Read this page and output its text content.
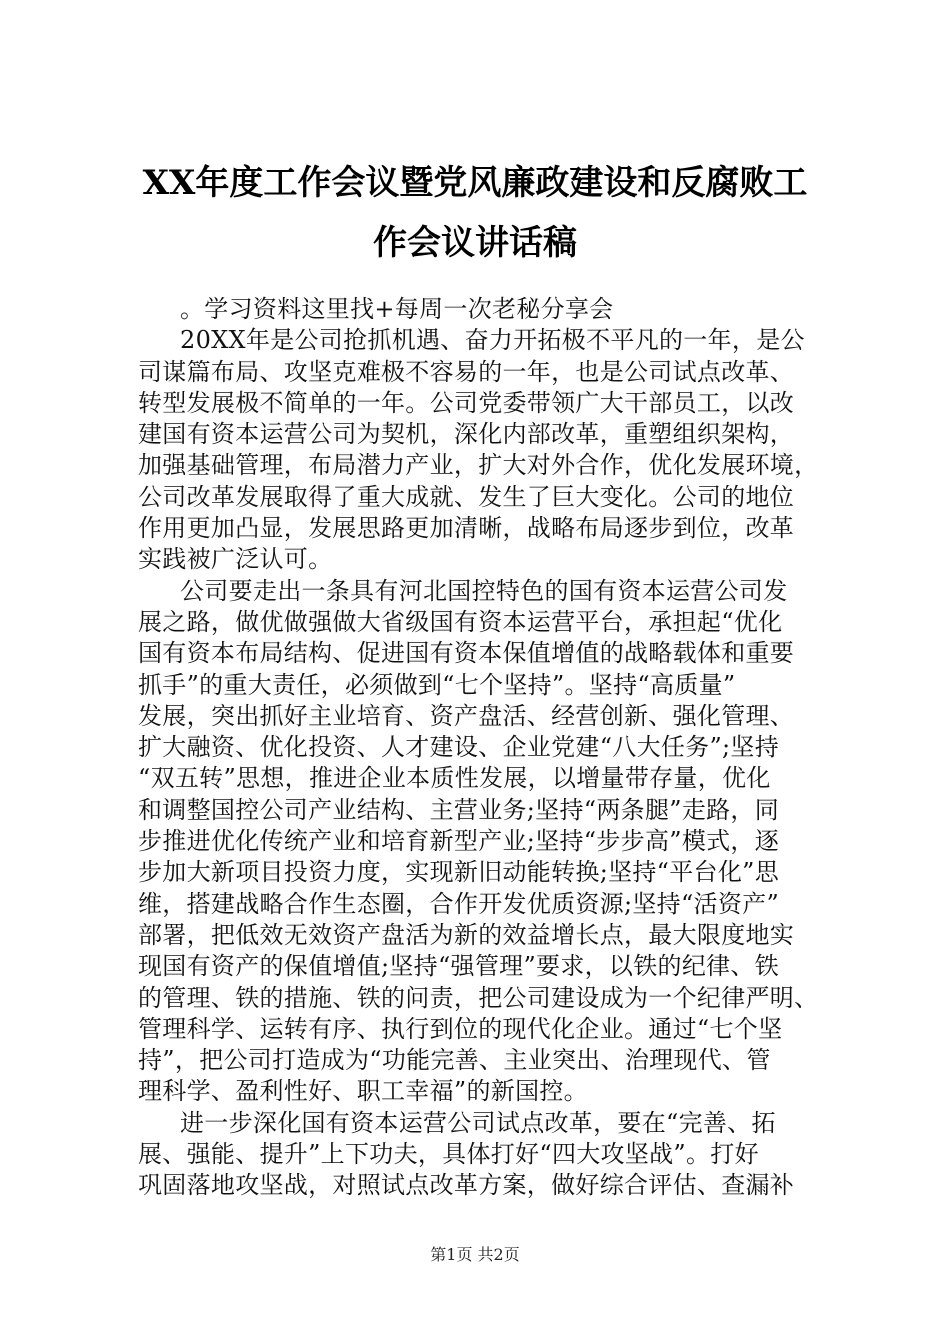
XX年度工作会议暨党风廉政建设和反腐败工
作会议讲话稿
。学习资料这里找+每周一次老秘分享会
20XX年是公司抢抓机遇、奋力开拓极不平凡的一年，是公
司谋篇布局、攻坚克难极不容易的一年，也是公司试点改革、
转型发展极不简单的一年。公司党委带领广大干部员工，以改
建国有资本运营公司为契机，深化内部改革，重塑组织架构，
加强基础管理，布局潜力产业，扩大对外合作，优化发展环境，
公司改革发展取得了重大成就、发生了巨大变化。公司的地位
作用更加凸显，发展思路更加清晰，战略布局逐步到位，改革
实践被广泛认可。
公司要走出一条具有河北国控特色的国有资本运营公司发
展之路，做优做强做大省级国有资本运营平台，承担起“优化
国有资本布局结构、促进国有资本保值增值的战略载体和重要
抓手”的重大责任，必须做到“七个坚持”。坚持“高质量”
发展，突出抓好主业培育、资产盘活、经营创新、强化管理、
扩大融资、优化投资、人才建设、企业党建“八大任务”;坚持
“双五转”思想，推进企业本质性发展，以增量带存量，优化
和调整国控公司产业结构、主营业务;坚持“两条腿”走路，同
步推进优化传统产业和培育新型产业;坚持“步步高”模式，逐
步加大新项目投资力度，实现新旧动能转换;坚持“平台化”思
维，搭建战略合作生态圈，合作开发优质资源;坚持“活资产”
部署，把低效无效资产盘活为新的效益增长点，最大限度地实
现国有资产的保值增值;坚持“强管理”要求，以铁的纪律、铁
的管理、铁的措施、铁的问责，把公司建设成为一个纪律严明、
管理科学、运转有序、执行到位的现代化企业。通过“七个坚
持”，把公司打造成为“功能完善、主业突出、治理现代、管
理科学、盈利性好、职工幸福”的新国控。
进一步深化国有资本运营公司试点改革，要在“完善、拓
展、强能、提升”上下功夫，具体打好“四大攻坚战”。打好
巩固落地攻坚战，对照试点改革方案，做好综合评估、查漏补
第1页 共2页
